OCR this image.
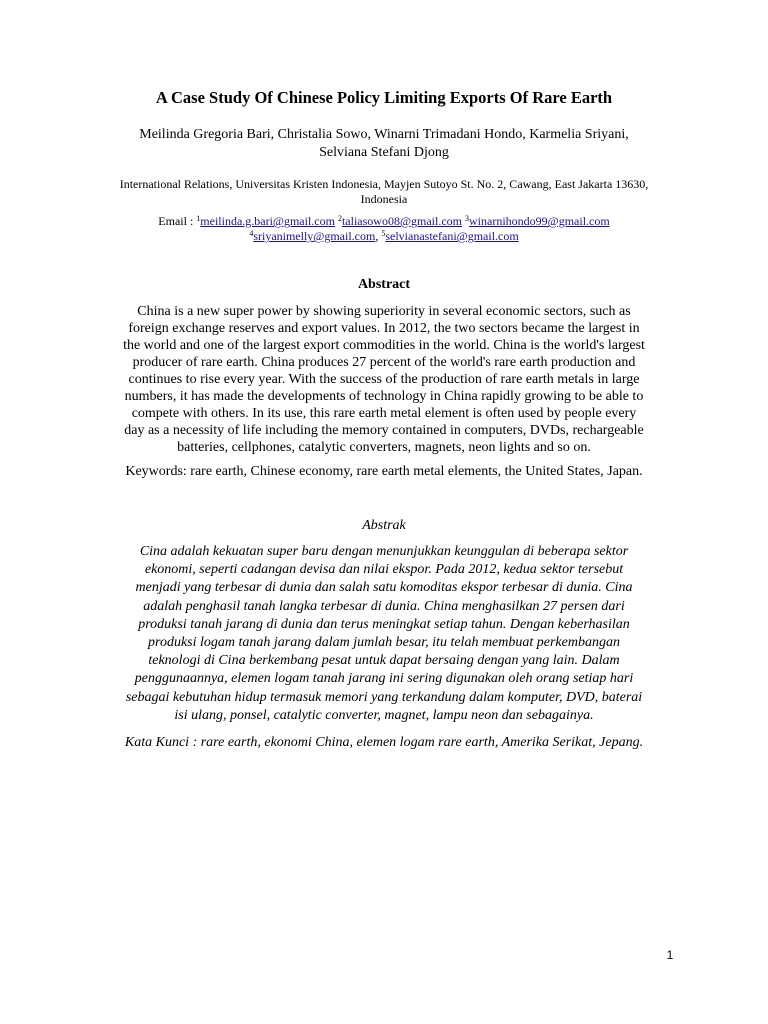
A Case Study Of Chinese Policy Limiting Exports Of Rare Earth
Meilinda Gregoria Bari, Christalia Sowo, Winarni Trimadani Hondo, Karmelia Sriyani,
Selviana Stefani Djong
International Relations, Universitas Kristen Indonesia, Mayjen Sutoyo St. No. 2, Cawang, East Jakarta 13630,
Indonesia
Email : $^1$meilinda.g.bari@gmail.com $^2$taliasowo08@gmail.com $^3$winarnihondo99@gmail.com
$^4$sriyanimelly@gmail.com, $^5$selvianastefani@gmail.com
Abstract
China is a new super power by showing superiority in several economic sectors, such as
foreign exchange reserves and export values. In 2012, the two sectors became the largest in
the world and one of the largest export commodities in the world. China is the world's largest
producer of rare earth. China produces 27 percent of the world's rare earth production and
continues to rise every year. With the success of the production of rare earth metals in large
numbers, it has made the developments of technology in China rapidly growing to be able to
compete with others. In its use, this rare earth metal element is often used by people every
day as a necessity of life including the memory contained in computers, DVDs, rechargeable
batteries, cellphones, catalytic converters, magnets, neon lights and so on.
Keywords: rare earth, Chinese economy, rare earth metal elements, the United States, Japan.
Abstrak
Cina adalah kekuatan super baru dengan menunjukkan keunggulan di beberapa sektor
ekonomi, seperti cadangan devisa dan nilai ekspor. Pada 2012, kedua sektor tersebut
menjadi yang terbesar di dunia dan salah satu komoditas ekspor terbesar di dunia. Cina
adalah penghasil tanah langka terbesar di dunia. China menghasilkan 27 persen dari
produksi tanah jarang di dunia dan terus meningkat setiap tahun. Dengan keberhasilan
produksi logam tanah jarang dalam jumlah besar, itu telah membuat perkembangan
teknologi di Cina berkembang pesat untuk dapat bersaing dengan yang lain. Dalam
penggunaannya, elemen logam tanah jarang ini sering digunakan oleh orang setiap hari
sebagai kebutuhan hidup termasuk memori yang terkandung dalam komputer, DVD, baterai
isi ulang, ponsel, catalytic converter, magnet, lampu neon dan sebagainya.
Kata Kunci : rare earth, ekonomi China, elemen logam rare earth, Amerika Serikat, Jepang.
1
